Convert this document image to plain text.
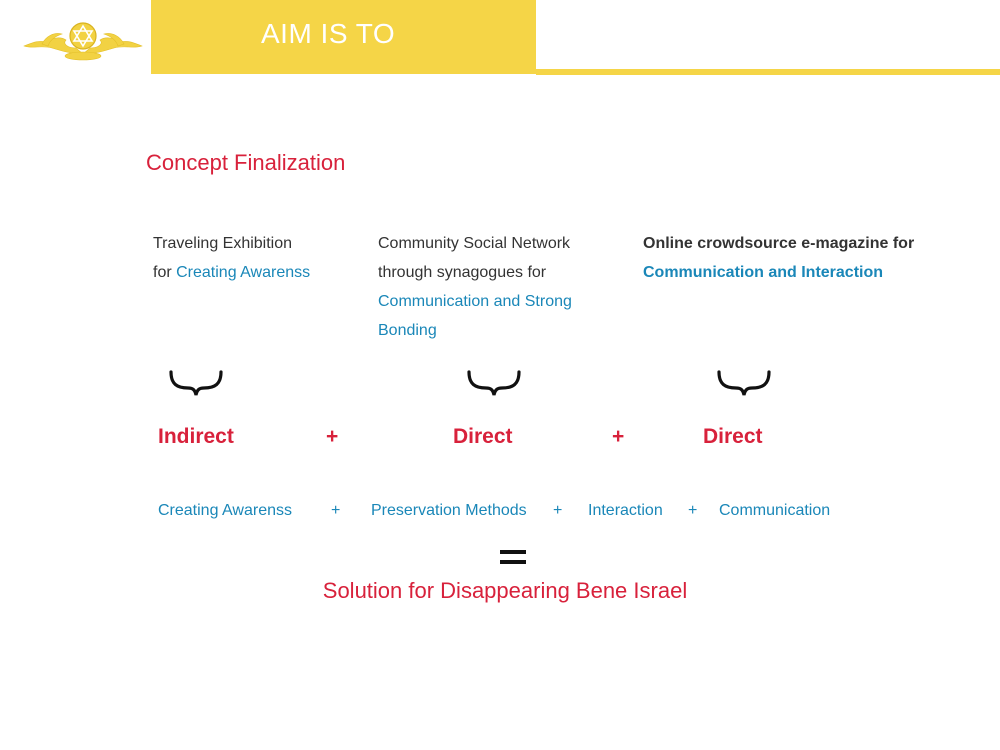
AIM IS TO
Concept Finalization
Traveling Exhibition
for Creating Awarenss
Community Social Network
through synagogues for
Communication and Strong Bonding
Online crowdsource e-magazine for
Communication and Interaction
Indirect	+	Direct	+	Direct
Creating Awarenss + Preservation Methods + Interaction + Communication
Solution for Disappearing Bene Israel
